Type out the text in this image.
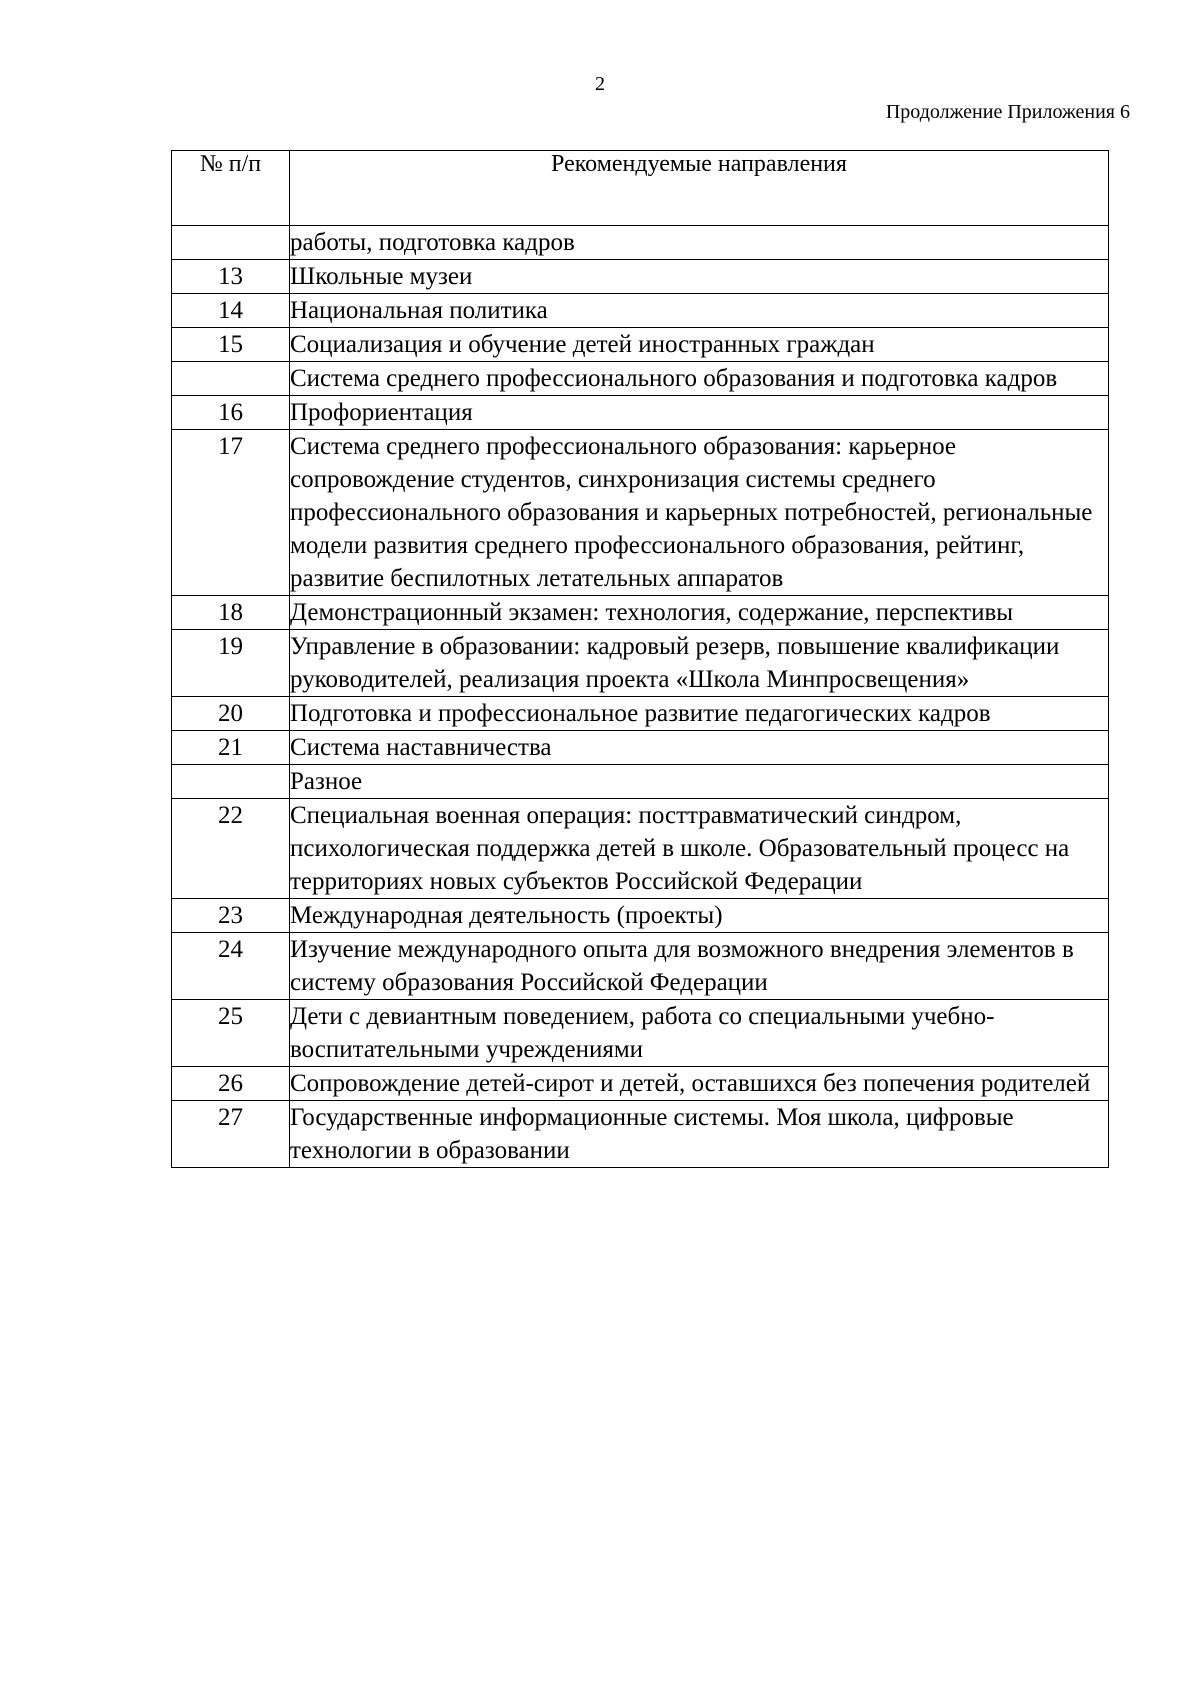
2
Продолжение Приложения 6
№ п/п	Рекомендуемые направления
	работы, подготовка кадров
13	Школьные музеи
14	Национальная политика
15	Социализация и обучение детей иностранных граждан
	Система среднего профессионального образования и подготовка кадров
16	Профориентация
17	Система среднего профессионального образования: карьерное сопровождение студентов, синхронизация системы среднего профессионального образования и карьерных потребностей, региональные модели развития среднего профессионального образования, рейтинг, развитие беспилотных летательных аппаратов
18	Демонстрационный экзамен: технология, содержание, перспективы
19	Управление в образовании: кадровый резерв, повышение квалификации руководителей, реализация проекта «Школа Минпросвещения»
20	Подготовка и профессиональное развитие педагогических кадров
21	Система наставничества
	Разное
22	Специальная военная операция: посттравматический синдром, психологическая поддержка детей в школе. Образовательный процесс на территориях новых субъектов Российской Федерации
23	Международная деятельность (проекты)
24	Изучение международного опыта для возможного внедрения элементов в систему образования Российской Федерации
25	Дети с девиантным поведением, работа со специальными учебно-воспитательными учреждениями
26	Сопровождение детей-сирот и детей, оставшихся без попечения родителей
27	Государственные информационные системы. Моя школа, цифровые технологии в образовании
